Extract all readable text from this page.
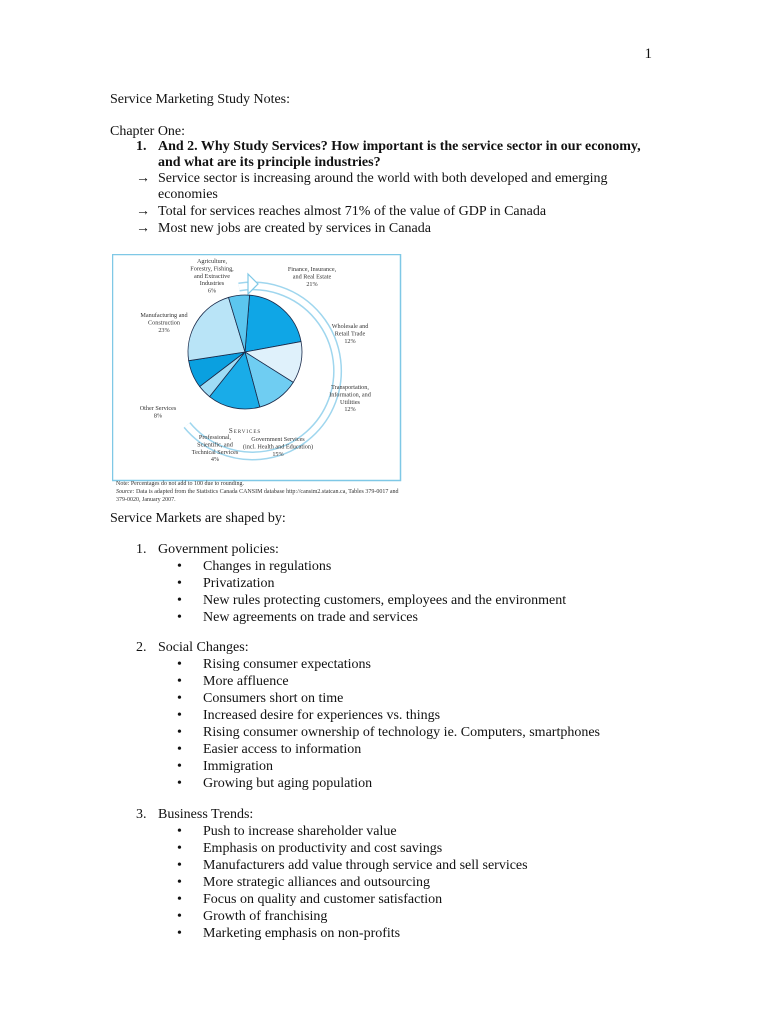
1
Service Marketing Study Notes:
Chapter One:
1. And 2. Why Study Services? How important is the service sector in our economy, and what are its principle industries?
→ Service sector is increasing around the world with both developed and emerging economies
→ Total for services reaches almost 71% of the value of GDP in Canada
→ Most new jobs are created by services in Canada
Services
Finance, Insurance, and Real Estate 21%
Wholesale and Retail Trade 12%
Transportation, Information, and Utilities 12%
Government Services (incl. Health and Education) 15%
Professional, Scientific, and Technical Services 4%
Other Services 8%
Manufacturing and Construction 23%
Agriculture, Forestry, Fishing, and Extractive Industries 6%
Note: Percentages do not add to 100 due to rounding.
Source: Data is adapted from the Statistics Canada CANSIM database http://cansim2.statcan.ca, Tables 379-0017 and 379-0020, January 2007.
Service Markets are shaped by:
1. Government policies:
• Changes in regulations
• Privatization
• New rules protecting customers, employees and the environment
• New agreements on trade and services
2. Social Changes:
• Rising consumer expectations
• More affluence
• Consumers short on time
• Increased desire for experiences vs. things
• Rising consumer ownership of technology ie. Computers, smartphones
• Easier access to information
• Immigration
• Growing but aging population
3. Business Trends:
• Push to increase shareholder value
• Emphasis on productivity and cost savings
• Manufacturers add value through service and sell services
• More strategic alliances and outsourcing
• Focus on quality and customer satisfaction
• Growth of franchising
• Marketing emphasis on non-profits
